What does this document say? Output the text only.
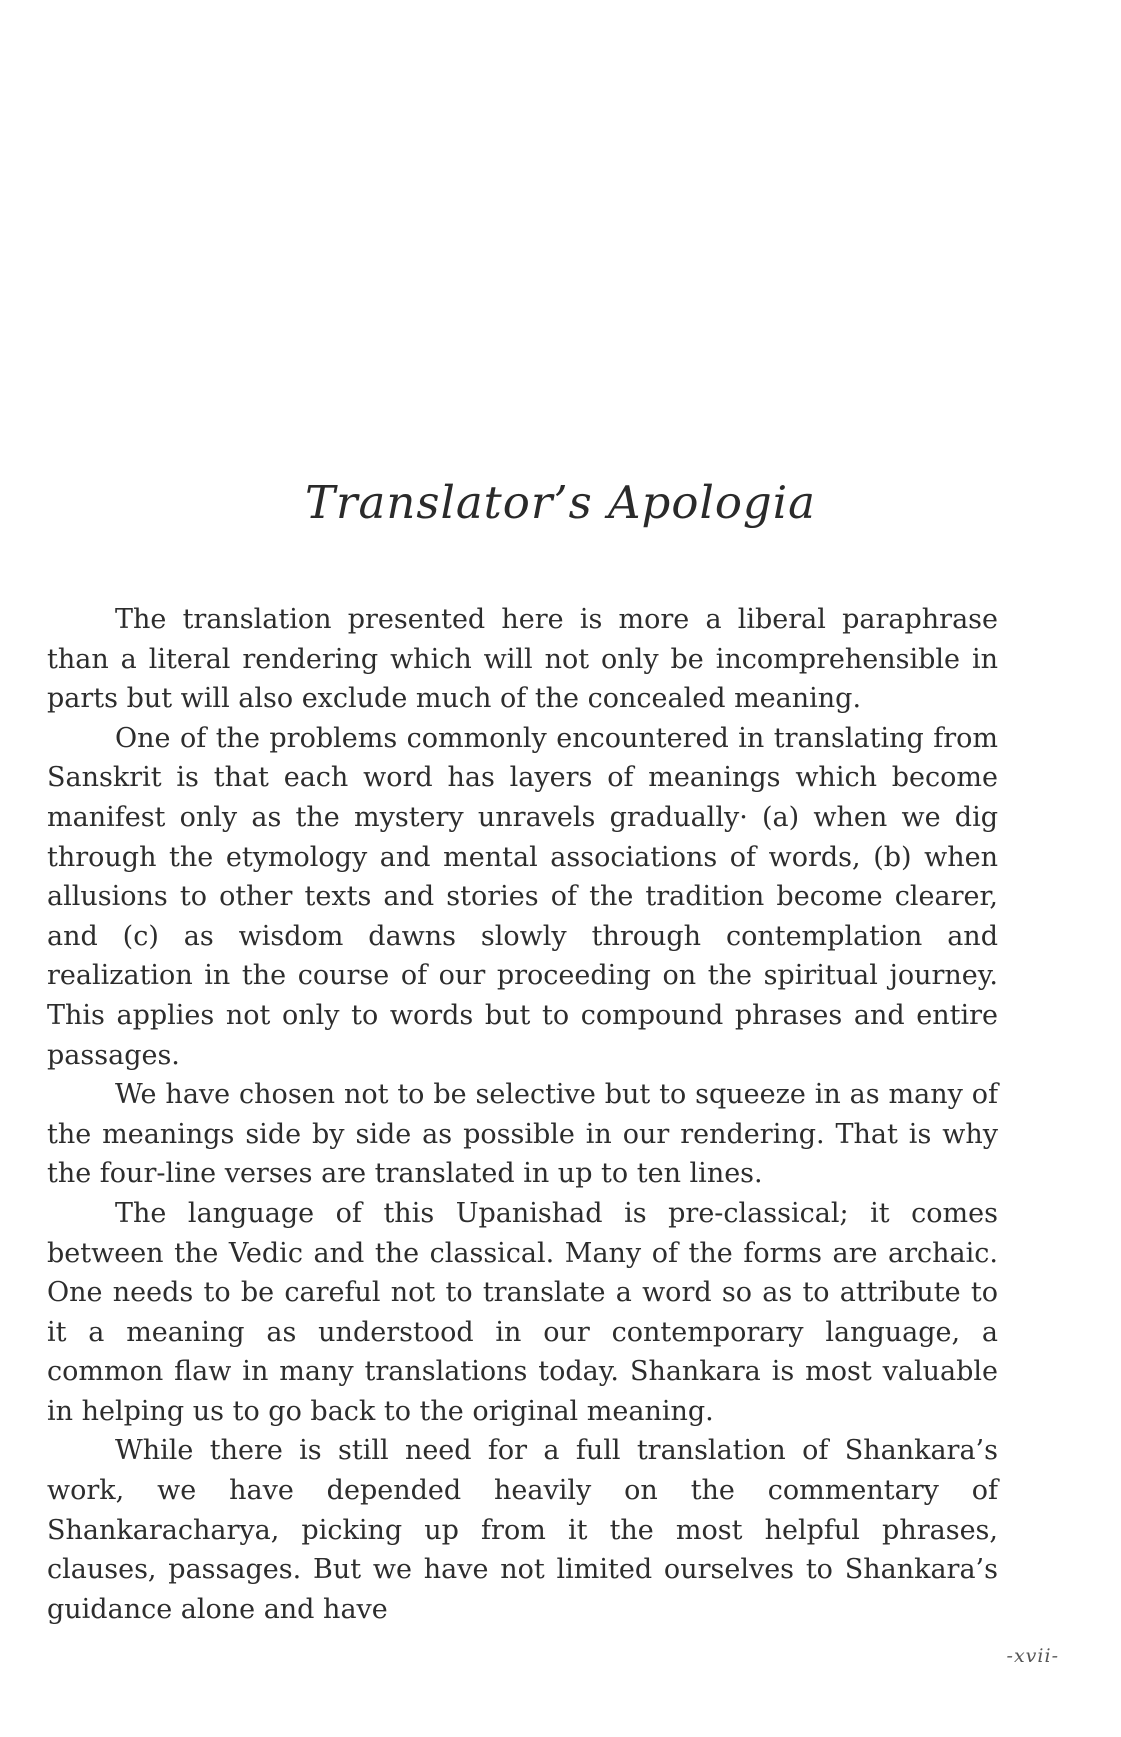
Translator’s Apologia

The translation presented here is more a liberal paraphrase than a literal rendering which will not only be incomprehensible in parts but will also exclude much of the concealed meaning.

One of the problems commonly encountered in translating from Sanskrit is that each word has layers of meanings which become manifest only as the mystery unravels gradually· (a) when we dig through the etymology and mental associations of words, (b) when allusions to other texts and stories of the tradition become clearer, and (c) as wisdom dawns slowly through contemplation and realization in the course of our proceeding on the spiritual journey. This applies not only to words but to compound phrases and entire passages.

We have chosen not to be selective but to squeeze in as many of the meanings side by side as possible in our rendering. That is why the four-line verses are translated in up to ten lines.

The language of this Upanishad is pre-classical; it comes between the Vedic and the classical. Many of the forms are archaic. One needs to be careful not to translate a word so as to attribute to it a meaning as understood in our contemporary language, a common flaw in many translations today. Shankara is most valuable in helping us to go back to the original meaning.

While there is still need for a full translation of Shankara’s work, we have depended heavily on the commentary of Shankaracharya, picking up from it the most helpful phrases, clauses, passages. But we have not limited ourselves to Shankara’s guidance alone and have

-xvii-
